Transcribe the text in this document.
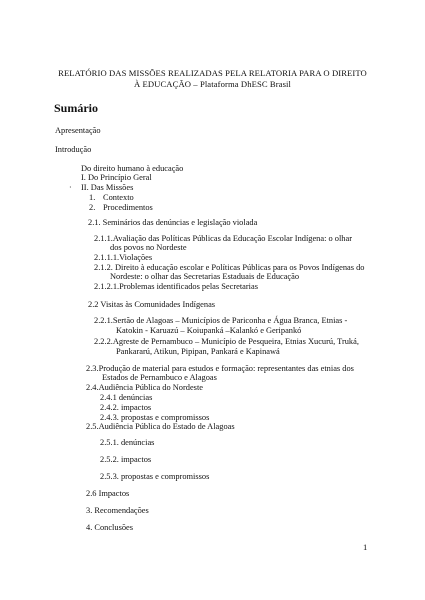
RELATÓRIO DAS MISSÕES REALIZADAS PELA RELATORIA PARA O DIREITO
À EDUCAÇÃO – Plataforma DhESC Brasil
Sumário
Apresentação
Introdução
Do direito humano à educação
I. Do Princípio Geral
· II. Das Missões
1. Contexto
2. Procedimentos
2.1. Seminários das denúncias e legislação violada
2.1.1.Avaliação das Políticas Públicas da Educação Escolar Indígena: o olhar
dos povos no Nordeste
2.1.1.1.Violações
2.1.2. Direito à educação escolar e Políticas Públicas para os Povos Indígenas do
Nordeste: o olhar das Secretarias Estaduais de Educação
2.1.2.1.Problemas identificados pelas Secretarias
2.2 Visitas às Comunidades Indígenas
2.2.1.Sertão de Alagoas – Municípios de Pariconha e Água Branca, Etnias -
Katokin - Karuazú – Koiupanká –Kalankó e Geripankó
2.2.2.Agreste de Pernambuco – Município de Pesqueira, Etnias Xucurú, Truká,
Pankararú, Atikun, Pipipan, Pankará e Kapinawá
2.3.Produção de material para estudos e formação: representantes das etnias dos
Estados de Pernambuco e Alagoas
2.4.Audiência Pública do Nordeste
2.4.1 denúncias
2.4.2. impactos
2.4.3. propostas e compromissos
2.5.Audiência Pública do Estado de Alagoas
2.5.1. denúncias
2.5.2. impactos
2.5.3. propostas e compromissos
2.6 Impactos
3. Recomendações
4. Conclusões
1
